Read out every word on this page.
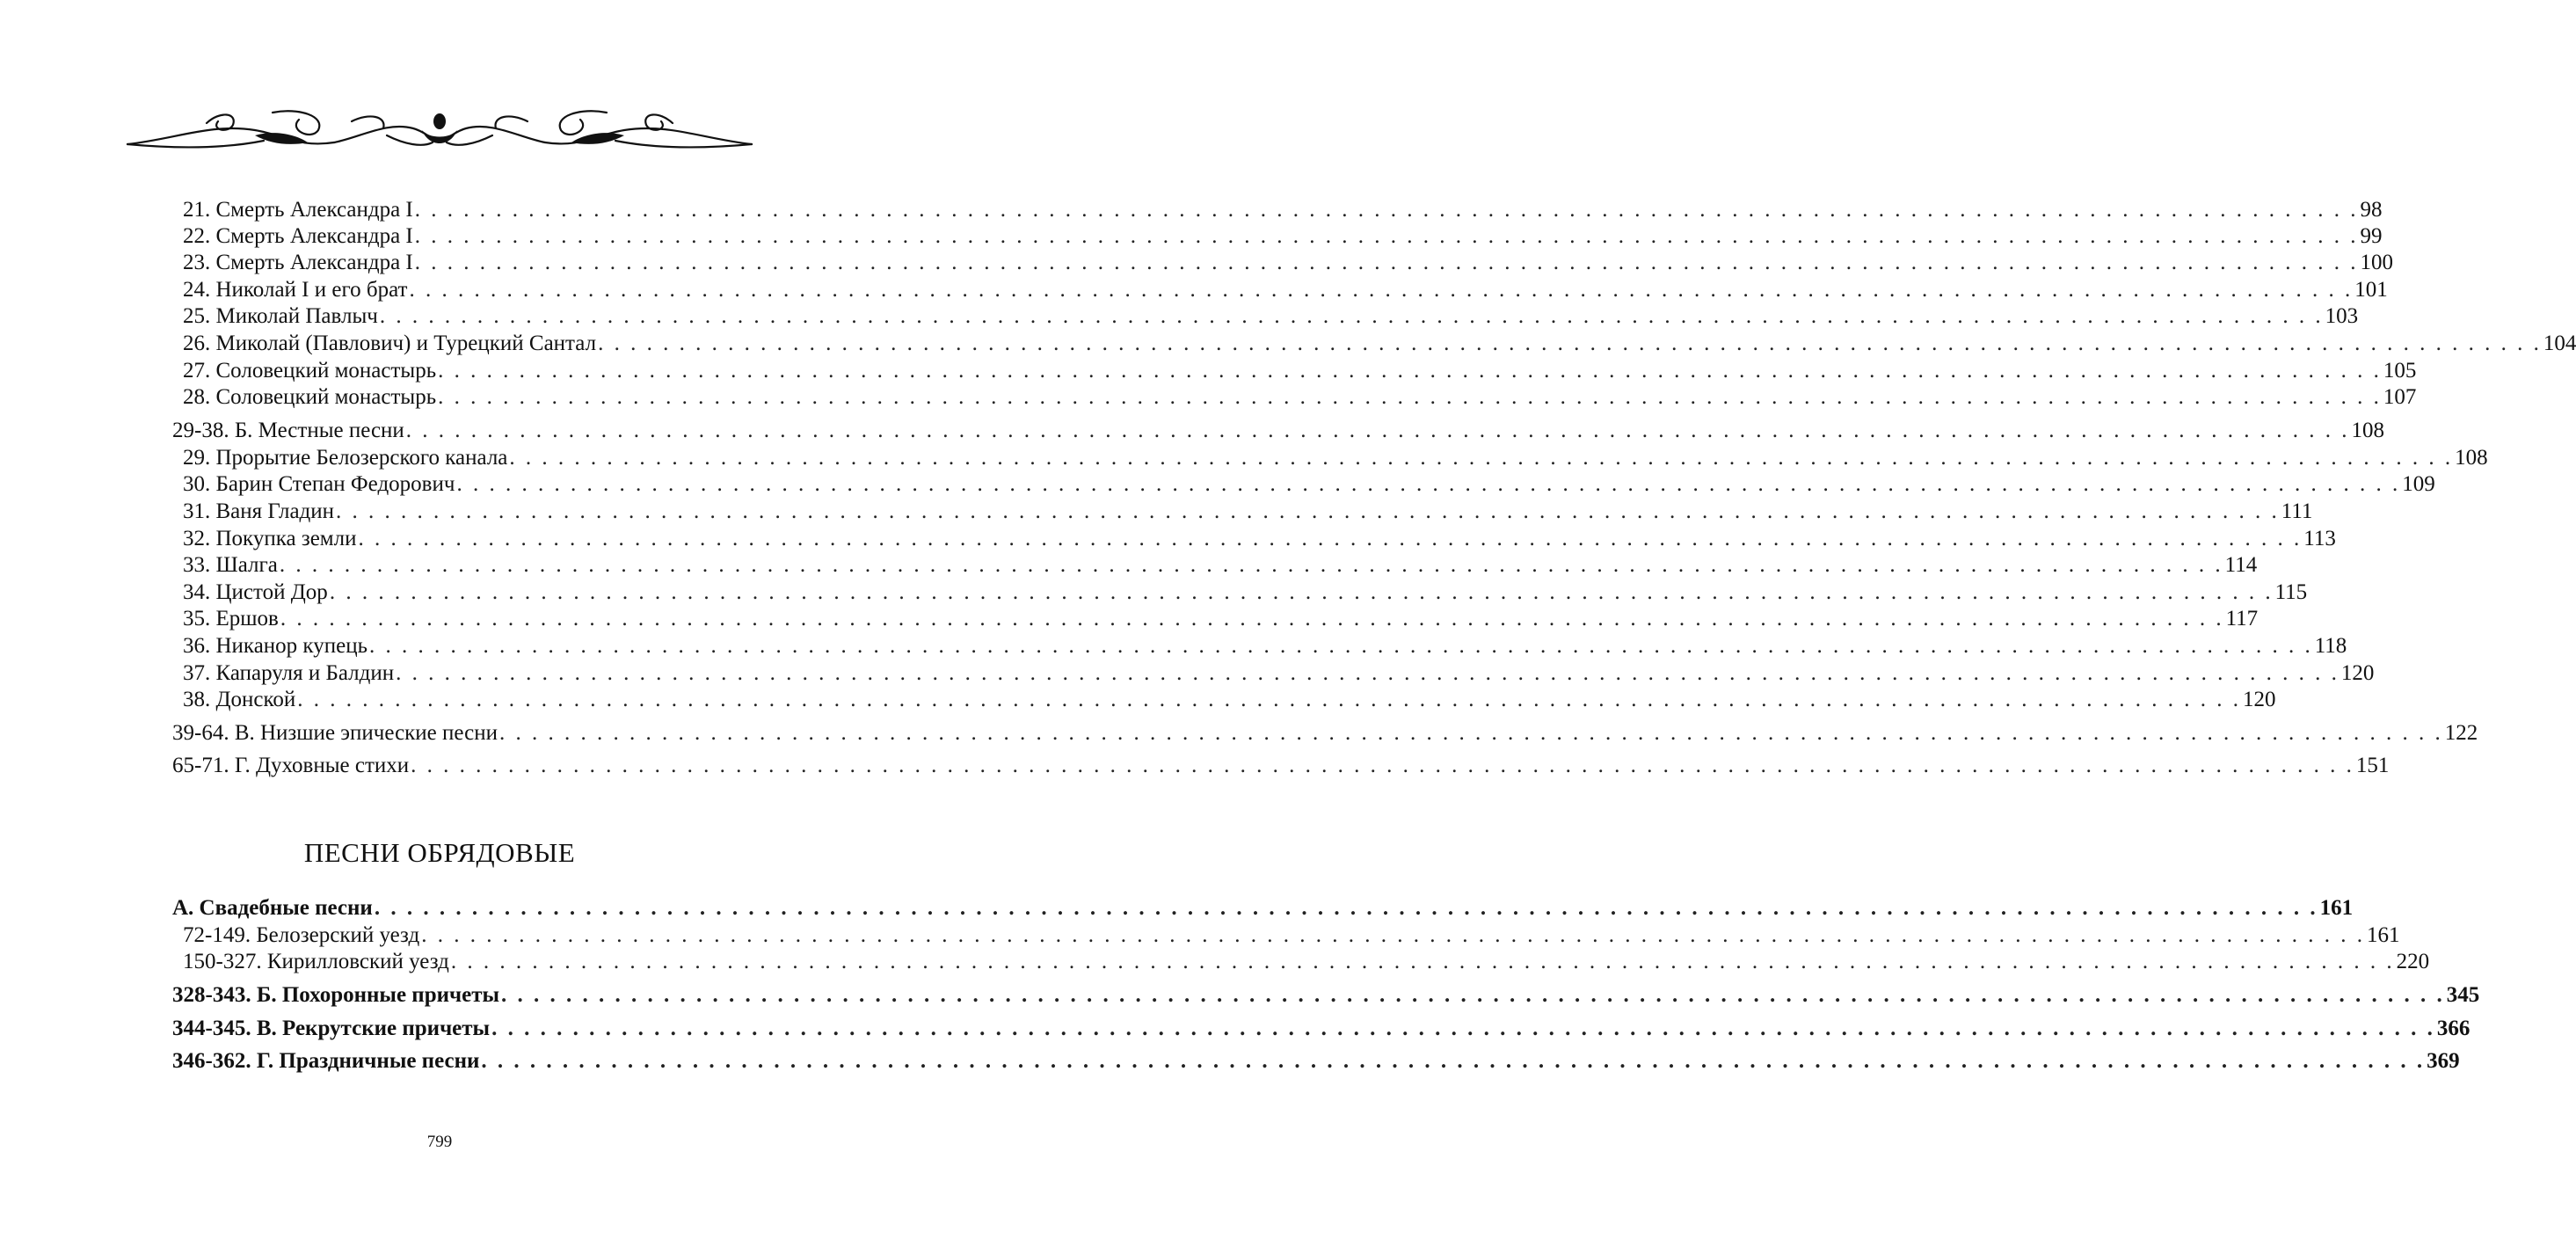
21. Смерть Александра I . . . . . . . . . . . . . . . . . . . . . . . . . . . . . . . . . . . . . . . . . . . . . . . . . . . . . . . . . . . . . . . . . . . . . . . . . . . . . . . . . . . . . . . . . . . . . . . . . . . . . . . . . . . . . . . . . . . . . . . . 98
22. Смерть Александра I . . . . . . . . . . . . . . . . . . . . . . . . . . . . . . . . . . . . . . . . . . . . . . . . . . . . . . . . . . . . . . . . . . . . . . . . . . . . . . . . . . . . . . . . . . . . . . . . . . . . . . . . . . . . . . . . . . . . . . . . 99
23. Смерть Александра I . . . . . . . . . . . . . . . . . . . . . . . . . . . . . . . . . . . . . . . . . . . . . . . . . . . . . . . . . . . . . . . . . . . . . . . . . . . . . . . . . . . . . . . . . . . . . . . . . . . . . . . . . . . . . . . . . . . . . . . . 100
24. Николай I и его брат . . . . . . . . . . . . . . . . . . . . . . . . . . . . . . . . . . . . . . . . . . . . . . . . . . . . . . . . . . . . . . . . . . . . . . . . . . . . . . . . . . . . . . . . . . . . . . . . . . . . . . . . . . . . . . . . . . . . . . . . 101
25. Миколай Павлыч . . . . . . . . . . . . . . . . . . . . . . . . . . . . . . . . . . . . . . . . . . . . . . . . . . . . . . . . . . . . . . . . . . . . . . . . . . . . . . . . . . . . . . . . . . . . . . . . . . . . . . . . . . . . . . . . . . . . . . . . 103
26. Миколай (Павлович) и Турецкий Сантал . . . . . . . . . . . . . . . . . . . . . . . . . . . . . . . . . . . . . . . . . . . . . . . . . . . . . . . . . . . . . . . . . . . . . . . . . . . . . . . . . . . . . . . . . . . . . . . . . . . . . . . . . . . . . . . . . . . . . . . . 104
27. Соловецкий монастырь . . . . . . . . . . . . . . . . . . . . . . . . . . . . . . . . . . . . . . . . . . . . . . . . . . . . . . . . . . . . . . . . . . . . . . . . . . . . . . . . . . . . . . . . . . . . . . . . . . . . . . . . . . . . . . . . . . . . . . . . 105
28. Соловецкий монастырь . . . . . . . . . . . . . . . . . . . . . . . . . . . . . . . . . . . . . . . . . . . . . . . . . . . . . . . . . . . . . . . . . . . . . . . . . . . . . . . . . . . . . . . . . . . . . . . . . . . . . . . . . . . . . . . . . . . . . . . . 107
29-38. Б. Местные песни . . . . . . . . . . . . . . . . . . . . . . . . . . . . . . . . . . . . . . . . . . . . . . . . . . . . . . . . . . . . . . . . . . . . . . . . . . . . . . . . . . . . . . . . . . . . . . . . . . . . . . . . . . . . . . . . . . . . . . . . 108
29. Прорытие Белозерского канала . . . . . . . . . . . . . . . . . . . . . . . . . . . . . . . . . . . . . . . . . . . . . . . . . . . . . . . . . . . . . . . . . . . . . . . . . . . . . . . . . . . . . . . . . . . . . . . . . . . . . . . . . . . . . . . . . . . . . . . . 108
30. Барин Степан Федорович . . . . . . . . . . . . . . . . . . . . . . . . . . . . . . . . . . . . . . . . . . . . . . . . . . . . . . . . . . . . . . . . . . . . . . . . . . . . . . . . . . . . . . . . . . . . . . . . . . . . . . . . . . . . . . . . . . . . . . . . 109
31. Ваня Гладин . . . . . . . . . . . . . . . . . . . . . . . . . . . . . . . . . . . . . . . . . . . . . . . . . . . . . . . . . . . . . . . . . . . . . . . . . . . . . . . . . . . . . . . . . . . . . . . . . . . . . . . . . . . . . . . . . . . . . . . . 111
32. Покупка земли . . . . . . . . . . . . . . . . . . . . . . . . . . . . . . . . . . . . . . . . . . . . . . . . . . . . . . . . . . . . . . . . . . . . . . . . . . . . . . . . . . . . . . . . . . . . . . . . . . . . . . . . . . . . . . . . . . . . . . . . 113
33. Шалга . . . . . . . . . . . . . . . . . . . . . . . . . . . . . . . . . . . . . . . . . . . . . . . . . . . . . . . . . . . . . . . . . . . . . . . . . . . . . . . . . . . . . . . . . . . . . . . . . . . . . . . . . . . . . . . . . . . . . . . . 114
34. Цистой Дор . . . . . . . . . . . . . . . . . . . . . . . . . . . . . . . . . . . . . . . . . . . . . . . . . . . . . . . . . . . . . . . . . . . . . . . . . . . . . . . . . . . . . . . . . . . . . . . . . . . . . . . . . . . . . . . . . . . . . . . . 115
35. Ершов . . . . . . . . . . . . . . . . . . . . . . . . . . . . . . . . . . . . . . . . . . . . . . . . . . . . . . . . . . . . . . . . . . . . . . . . . . . . . . . . . . . . . . . . . . . . . . . . . . . . . . . . . . . . . . . . . . . . . . . . 117
36. Никанор купець . . . . . . . . . . . . . . . . . . . . . . . . . . . . . . . . . . . . . . . . . . . . . . . . . . . . . . . . . . . . . . . . . . . . . . . . . . . . . . . . . . . . . . . . . . . . . . . . . . . . . . . . . . . . . . . . . . . . . . . . 118
37. Капаруля и Балдин . . . . . . . . . . . . . . . . . . . . . . . . . . . . . . . . . . . . . . . . . . . . . . . . . . . . . . . . . . . . . . . . . . . . . . . . . . . . . . . . . . . . . . . . . . . . . . . . . . . . . . . . . . . . . . . . . . . . . . . . 120
38. Донской . . . . . . . . . . . . . . . . . . . . . . . . . . . . . . . . . . . . . . . . . . . . . . . . . . . . . . . . . . . . . . . . . . . . . . . . . . . . . . . . . . . . . . . . . . . . . . . . . . . . . . . . . . . . . . . . . . . . . . . . 120
39-64. В. Низшие эпические песни . . . . . . . . . . . . . . . . . . . . . . . . . . . . . . . . . . . . . . . . . . . . . . . . . . . . . . . . . . . . . . . . . . . . . . . . . . . . . . . . . . . . . . . . . . . . . . . . . . . . . . . . . . . . . . . . . . . . . . . . 122
65-71. Г. Духовные стихи . . . . . . . . . . . . . . . . . . . . . . . . . . . . . . . . . . . . . . . . . . . . . . . . . . . . . . . . . . . . . . . . . . . . . . . . . . . . . . . . . . . . . . . . . . . . . . . . . . . . . . . . . . . . . . . . . . . . . . . . 151
ПЕСНИ ОБРЯДОВЫЕ
А. Свадебные песни . . . . . . . . . . . . . . . . . . . . . . . . . . . . . . . . . . . . . . . . . . . . . . . . . . . . . . . . . . . . . . . . . . . . . . . . . . . . . . . . . . . . . . . . . . . . . . . . . . . . . . . . . . . . . . . . . . . . . . . . 161
72-149. Белозерский уезд . . . . . . . . . . . . . . . . . . . . . . . . . . . . . . . . . . . . . . . . . . . . . . . . . . . . . . . . . . . . . . . . . . . . . . . . . . . . . . . . . . . . . . . . . . . . . . . . . . . . . . . . . . . . . . . . . . . . . . . . 161
150-327. Кирилловский уезд . . . . . . . . . . . . . . . . . . . . . . . . . . . . . . . . . . . . . . . . . . . . . . . . . . . . . . . . . . . . . . . . . . . . . . . . . . . . . . . . . . . . . . . . . . . . . . . . . . . . . . . . . . . . . . . . . . . . . . . . 220
328-343. Б. Похоронные причеты . . . . . . . . . . . . . . . . . . . . . . . . . . . . . . . . . . . . . . . . . . . . . . . . . . . . . . . . . . . . . . . . . . . . . . . . . . . . . . . . . . . . . . . . . . . . . . . . . . . . . . . . . . . . . . . . . . . . . . . . 345
344-345. В. Рекрутские причеты . . . . . . . . . . . . . . . . . . . . . . . . . . . . . . . . . . . . . . . . . . . . . . . . . . . . . . . . . . . . . . . . . . . . . . . . . . . . . . . . . . . . . . . . . . . . . . . . . . . . . . . . . . . . . . . . . . . . . . . . 366
346-362. Г. Праздничные песни . . . . . . . . . . . . . . . . . . . . . . . . . . . . . . . . . . . . . . . . . . . . . . . . . . . . . . . . . . . . . . . . . . . . . . . . . . . . . . . . . . . . . . . . . . . . . . . . . . . . . . . . . . . . . . . . . . . . . . . . 369
799
